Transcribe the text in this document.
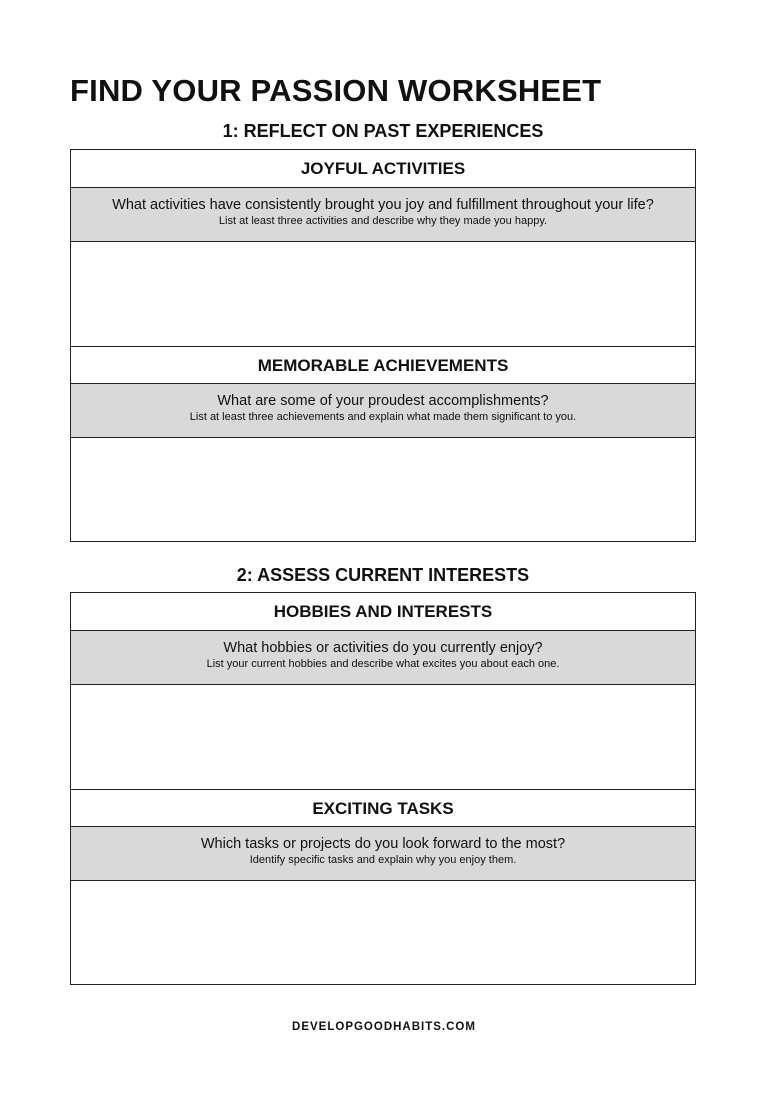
FIND YOUR PASSION WORKSHEET
1: REFLECT ON PAST EXPERIENCES
JOYFUL ACTIVITIES
What activities have consistently brought you joy and fulfillment throughout your life?
List at least three activities and describe why they made you happy.
MEMORABLE ACHIEVEMENTS
What are some of your proudest accomplishments?
List at least three achievements and explain what made them significant to you.
2: ASSESS CURRENT INTERESTS
HOBBIES AND INTERESTS
What hobbies or activities do you currently enjoy?
List your current hobbies and describe what excites you about each one.
EXCITING TASKS
Which tasks or projects do you look forward to the most?
Identify specific tasks and explain why you enjoy them.
DEVELOPGOODHABITS.COM
